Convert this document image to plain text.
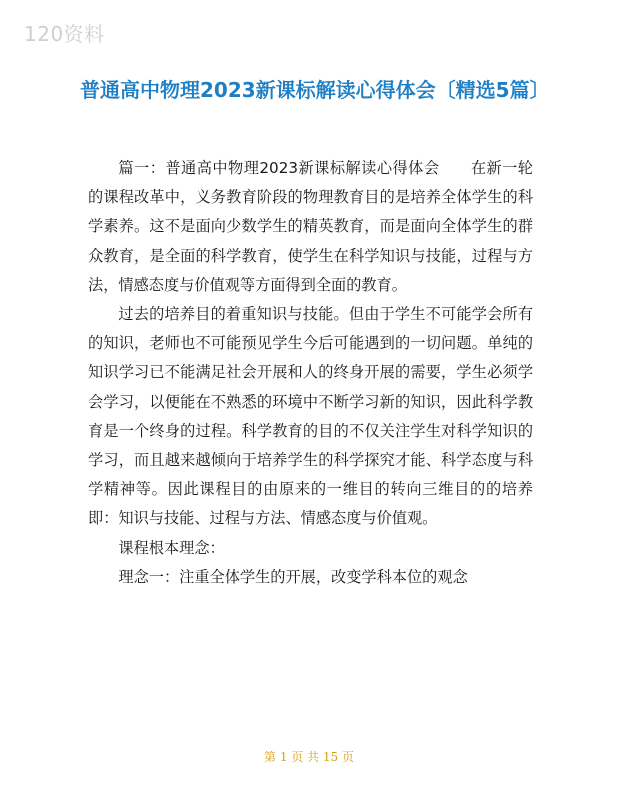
120资料
普通高中物理2023新课标解读心得体会〔精选5篇〕

篇一：普通高中物理2023新课标解读心得体会　　在新一轮的课程改革中，义务教育阶段的物理教育目的是培养全体学生的科学素养。这不是面向少数学生的精英教育，而是面向全体学生的群众教育，是全面的科学教育，使学生在科学知识与技能，过程与方法，情感态度与价值观等方面得到全面的教育。

过去的培养目的着重知识与技能。但由于学生不可能学会所有的知识，老师也不可能预见学生今后可能遇到的一切问题。单纯的知识学习已不能满足社会开展和人的终身开展的需要，学生必须学会学习，以便能在不熟悉的环境中不断学习新的知识，因此科学教育是一个终身的过程。科学教育的目的不仅关注学生对科学知识的学习，而且越来越倾向于培养学生的科学探究才能、科学态度与科学精神等。因此课程目的由原来的一维目的转向三维目的的培养即：知识与技能、过程与方法、情感态度与价值观。

课程根本理念：

理念一：注重全体学生的开展，改变学科本位的观念

第 1 页 共 15 页
